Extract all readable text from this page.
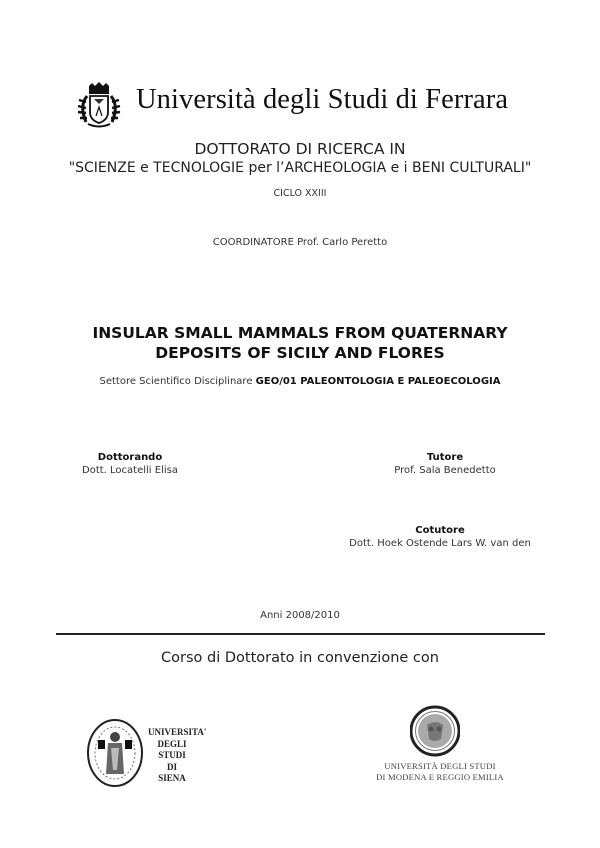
Università degli Studi di Ferrara
DOTTORATO DI RICERCA IN
"SCIENZE e TECNOLOGIE per l’ARCHEOLOGIA e i BENI CULTURALI"
CICLO XXIII
COORDINATORE Prof. Carlo Peretto
INSULAR SMALL MAMMALS FROM QUATERNARY
DEPOSITS OF SICILY AND FLORES
Settore Scientifico Disciplinare GEO/01 PALEONTOLOGIA E PALEOECOLOGIA
Dottorando
Dott. Locatelli Elisa
Tutore
Prof. Sala Benedetto
Cotutore
Dott. Hoek Ostende Lars W. van den
Anni 2008/2010
Corso di Dottorato in convenzione con
UNIVERSITA'
DEGLI STUDI
DI
SIENA
UNIVERSITÀ DEGLI STUDI
DI MODENA E REGGIO EMILIA
